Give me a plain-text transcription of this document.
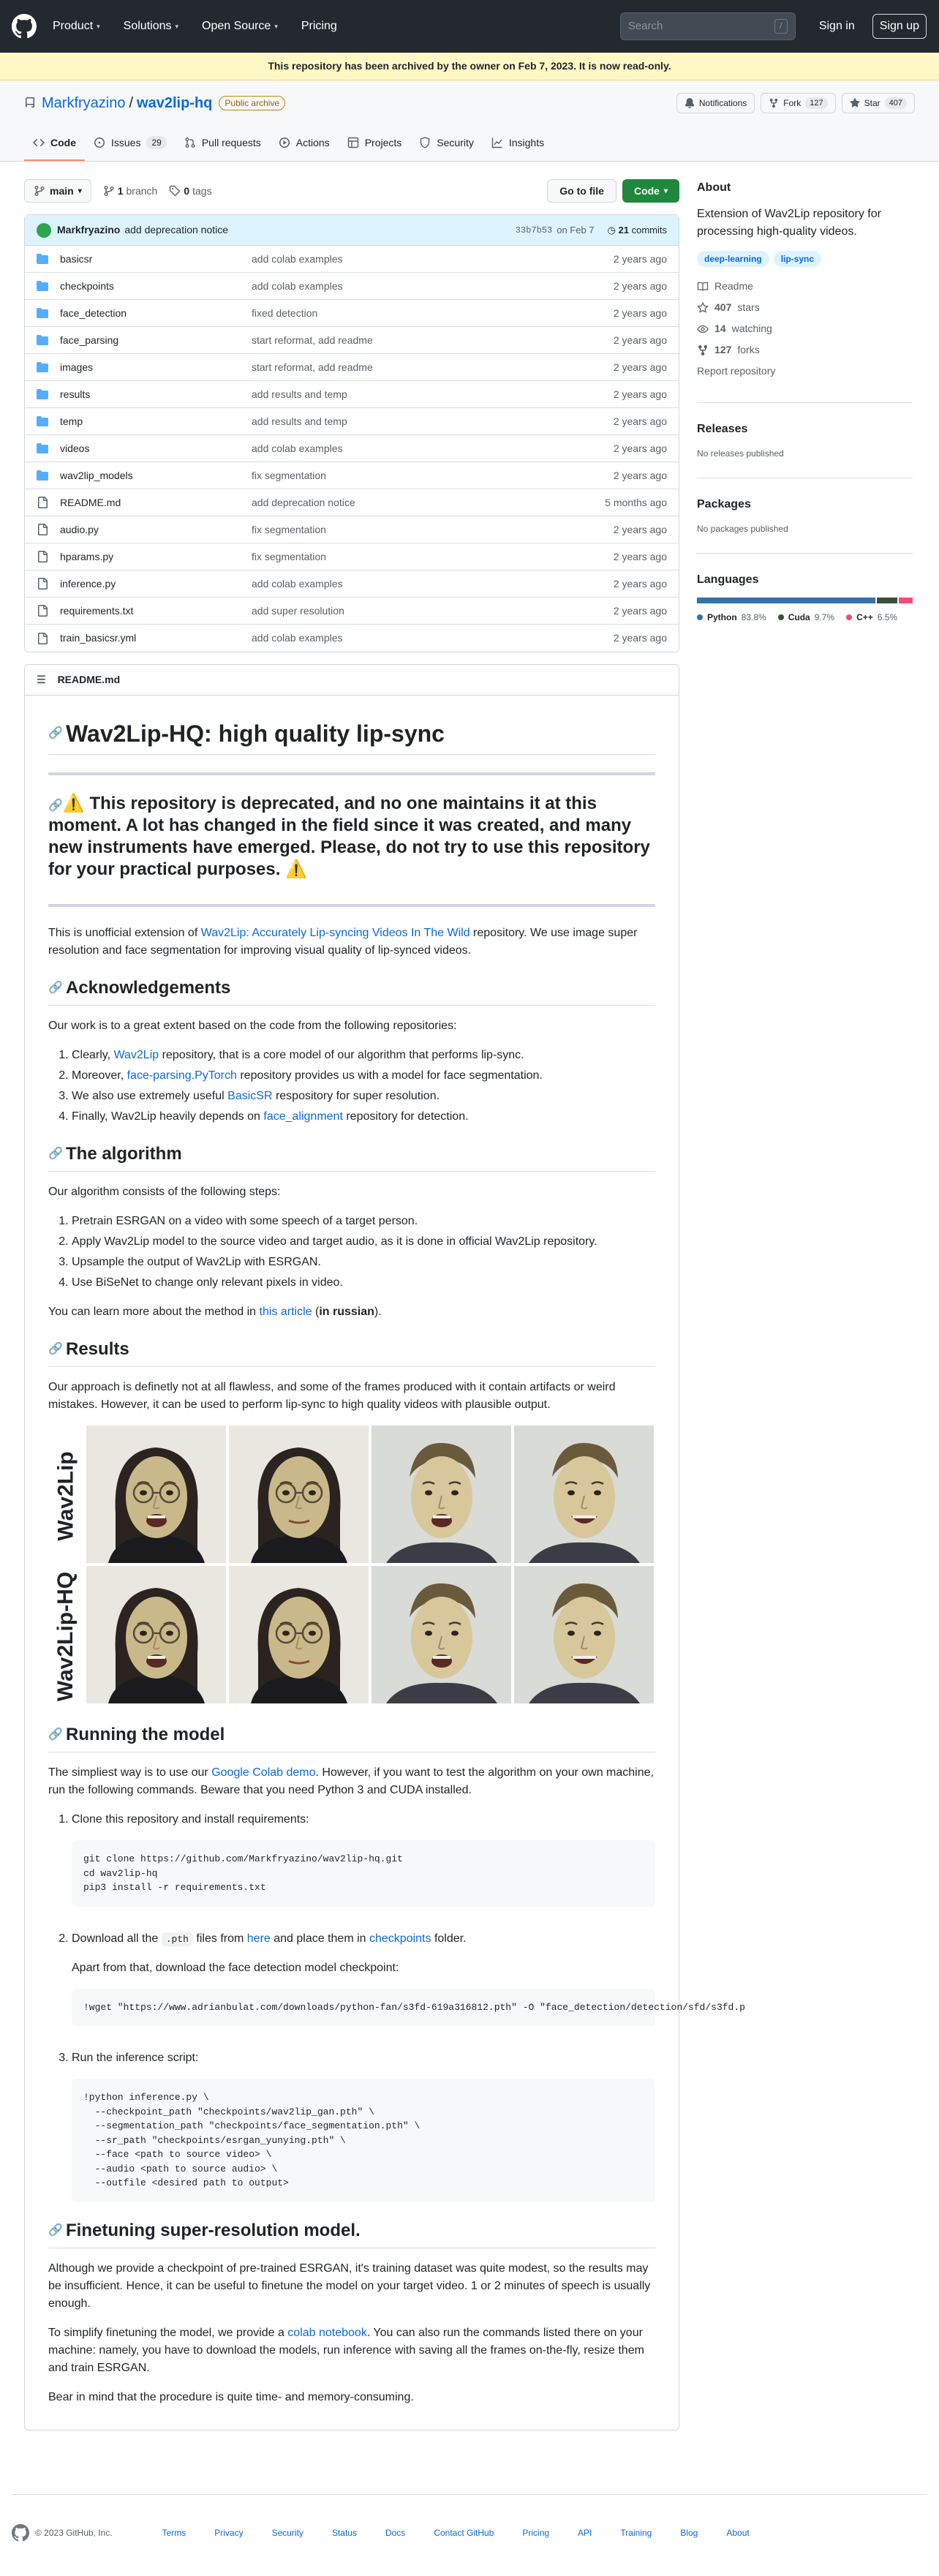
Product ▾ Solutions ▾ Open Source ▾ Pricing	Search	/	Sign in	Sign up
This repository has been archived by the owner on Feb 7, 2023. It is now read-only.
Markfryazino / wav2lip-hq	Public archive	Notifications	Fork	127	Star	407
Code	Issues	29	Pull requests	Actions	Projects	Security	Insights
main ▾	1 branch	0 tags	Go to file	Code ▾
Markfryazino add deprecation notice	33b7b53 on Feb 7 ◷ 21 commits
basicsr	add colab examples	2 years ago
checkpoints	add colab examples	2 years ago
face_detection	fixed detection	2 years ago
face_parsing	start reformat, add readme	2 years ago
images	start reformat, add readme	2 years ago
results	add results and temp	2 years ago
temp	add results and temp	2 years ago
videos	add colab examples	2 years ago
wav2lip_models	fix segmentation	2 years ago
README.md	add deprecation notice	5 months ago
audio.py	fix segmentation	2 years ago
hparams.py	fix segmentation	2 years ago
inference.py	add colab examples	2 years ago
requirements.txt	add super resolution	2 years ago
train_basicsr.yml	add colab examples	2 years ago
☰ README.md
🔗 Wav2Lip-HQ: high quality lip-sync
🔗⚠️ This repository is deprecated, and no one maintains it at this moment. A lot has changed in the field since it was created, and many new instruments have emerged. Please, do not try to use this repository for your practical purposes. ⚠️

This is unofficial extension of Wav2Lip: Accurately Lip-syncing Videos In The Wild repository. We use image super resolution and face segmentation for improving visual quality of lip-synced videos.

🔗 Acknowledgements

Our work is to a great extent based on the code from the following repositories:

1. Clearly, Wav2Lip repository, that is a core model of our algorithm that performs lip-sync.
2. Moreover, face-parsing.PyTorch repository provides us with a model for face segmentation.
3. We also use extremely useful BasicSR respository for super resolution.
4. Finally, Wav2Lip heavily depends on face_alignment repository for detection.
🔗 The algorithm

Our algorithm consists of the following steps:

1. Pretrain ESRGAN on a video with some speech of a target person.
2. Apply Wav2Lip model to the source video and target audio, as it is done in official Wav2Lip repository.
3. Upsample the output of Wav2Lip with ESRGAN.
4. Use BiSeNet to change only relevant pixels in video.

You can learn more about the method in this article (in russian).

🔗 Results

Our approach is definetly not at all flawless, and some of the frames produced with it contain artifacts or weird mistakes. However, it can be used to perform lip-sync to high quality videos with plausible output.

Wav2Lip
Wav2Lip-HQ
🔗 Running the model

The simpliest way is to use our Google Colab demo. However, if you want to test the algorithm on your own machine, run the following commands. Beware that you need Python 3 and CUDA installed.

1. Clone this repository and install requirements:
git clone https://github.com/Markfryazino/wav2lip-hq.git
cd wav2lip-hq
pip3 install -r requirements.txt
2. Download all the .pth files from here and place them in checkpoints folder.

Apart from that, download the face detection model checkpoint:

!wget "https://www.adrianbulat.com/downloads/python-fan/s3fd-619a316812.pth" -O "face_detection/detection/sfd/s3fd.p
3. Run the inference script:
!python inference.py \
--checkpoint_path "checkpoints/wav2lip_gan.pth" \
--segmentation_path "checkpoints/face_segmentation.pth" \
--sr_path "checkpoints/esrgan_yunying.pth" \
--face <path to source video> \
--audio <path to source audio> \
--outfile <desired path to output>
🔗 Finetuning super-resolution model.

Although we provide a checkpoint of pre-trained ESRGAN, it's training dataset was quite modest, so the results may be insufficient. Hence, it can be useful to finetune the model on your target video. 1 or 2 minutes of speech is usually enough.

To simplify finetuning the model, we provide a colab notebook. You can also run the commands listed there on your machine: namely, you have to download the models, run inference with saving all the frames on-the-fly, resize them and train ESRGAN.

Bear in mind that the procedure is quite time- and memory-consuming.

About
Extension of Wav2Lip repository for processing high-quality videos.
deep-learning	lip-sync
Readme
407 stars
14 watching
127 forks
Report repository
Releases
No releases published
Packages
No packages published
Languages
Python 83.8%	Cuda 9.7%	C++ 6.5%
© 2023 GitHub, Inc.	Terms	Privacy	Security	Status	Docs	Contact GitHub	Pricing	API	Training	Blog	About
